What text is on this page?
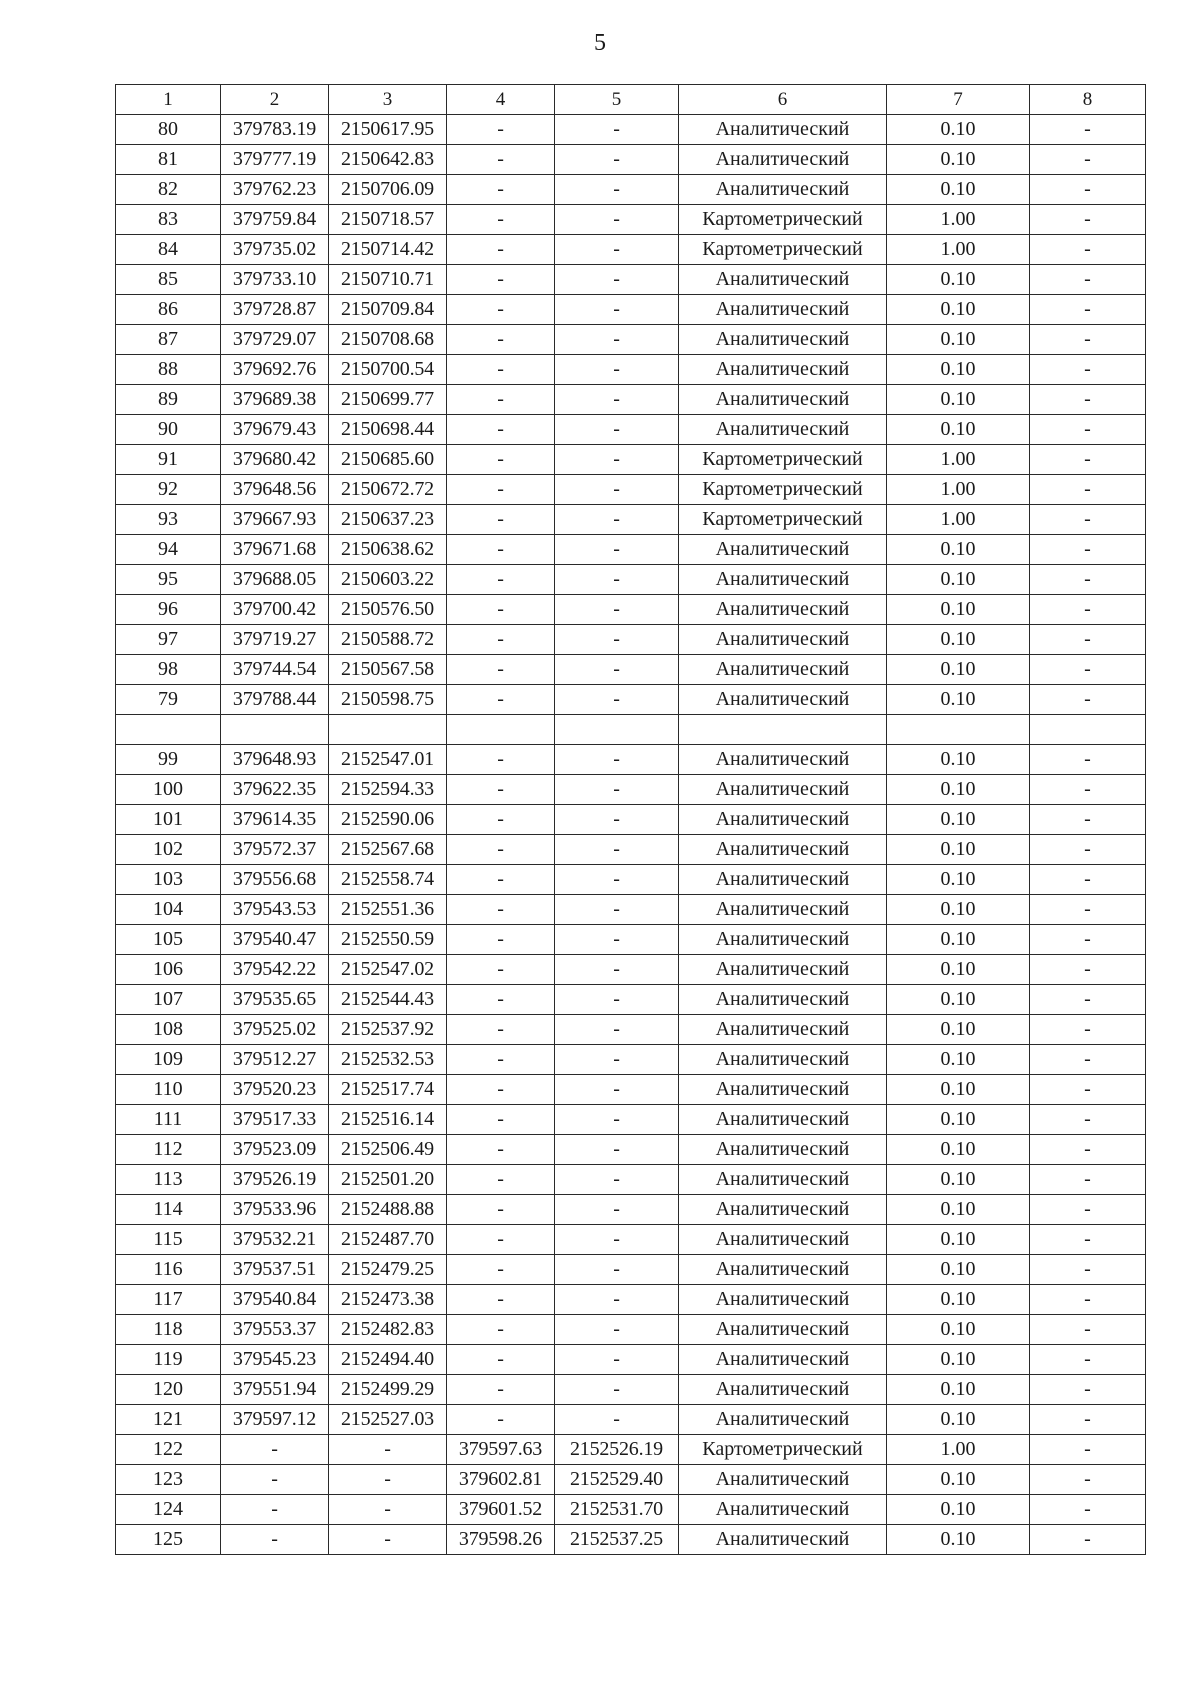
5
1	2	3	4	5	6	7	8
80	379783.19	2150617.95	-	-	Аналитический	0.10	-
81	379777.19	2150642.83	-	-	Аналитический	0.10	-
82	379762.23	2150706.09	-	-	Аналитический	0.10	-
83	379759.84	2150718.57	-	-	Картометрический	1.00	-
84	379735.02	2150714.42	-	-	Картометрический	1.00	-
85	379733.10	2150710.71	-	-	Аналитический	0.10	-
86	379728.87	2150709.84	-	-	Аналитический	0.10	-
87	379729.07	2150708.68	-	-	Аналитический	0.10	-
88	379692.76	2150700.54	-	-	Аналитический	0.10	-
89	379689.38	2150699.77	-	-	Аналитический	0.10	-
90	379679.43	2150698.44	-	-	Аналитический	0.10	-
91	379680.42	2150685.60	-	-	Картометрический	1.00	-
92	379648.56	2150672.72	-	-	Картометрический	1.00	-
93	379667.93	2150637.23	-	-	Картометрический	1.00	-
94	379671.68	2150638.62	-	-	Аналитический	0.10	-
95	379688.05	2150603.22	-	-	Аналитический	0.10	-
96	379700.42	2150576.50	-	-	Аналитический	0.10	-
97	379719.27	2150588.72	-	-	Аналитический	0.10	-
98	379744.54	2150567.58	-	-	Аналитический	0.10	-
79	379788.44	2150598.75	-	-	Аналитический	0.10	-

99	379648.93	2152547.01	-	-	Аналитический	0.10	-
100	379622.35	2152594.33	-	-	Аналитический	0.10	-
101	379614.35	2152590.06	-	-	Аналитический	0.10	-
102	379572.37	2152567.68	-	-	Аналитический	0.10	-
103	379556.68	2152558.74	-	-	Аналитический	0.10	-
104	379543.53	2152551.36	-	-	Аналитический	0.10	-
105	379540.47	2152550.59	-	-	Аналитический	0.10	-
106	379542.22	2152547.02	-	-	Аналитический	0.10	-
107	379535.65	2152544.43	-	-	Аналитический	0.10	-
108	379525.02	2152537.92	-	-	Аналитический	0.10	-
109	379512.27	2152532.53	-	-	Аналитический	0.10	-
110	379520.23	2152517.74	-	-	Аналитический	0.10	-
111	379517.33	2152516.14	-	-	Аналитический	0.10	-
112	379523.09	2152506.49	-	-	Аналитический	0.10	-
113	379526.19	2152501.20	-	-	Аналитический	0.10	-
114	379533.96	2152488.88	-	-	Аналитический	0.10	-
115	379532.21	2152487.70	-	-	Аналитический	0.10	-
116	379537.51	2152479.25	-	-	Аналитический	0.10	-
117	379540.84	2152473.38	-	-	Аналитический	0.10	-
118	379553.37	2152482.83	-	-	Аналитический	0.10	-
119	379545.23	2152494.40	-	-	Аналитический	0.10	-
120	379551.94	2152499.29	-	-	Аналитический	0.10	-
121	379597.12	2152527.03	-	-	Аналитический	0.10	-
122	-	-	379597.63	2152526.19	Картометрический	1.00	-
123	-	-	379602.81	2152529.40	Аналитический	0.10	-
124	-	-	379601.52	2152531.70	Аналитический	0.10	-
125	-	-	379598.26	2152537.25	Аналитический	0.10	-
